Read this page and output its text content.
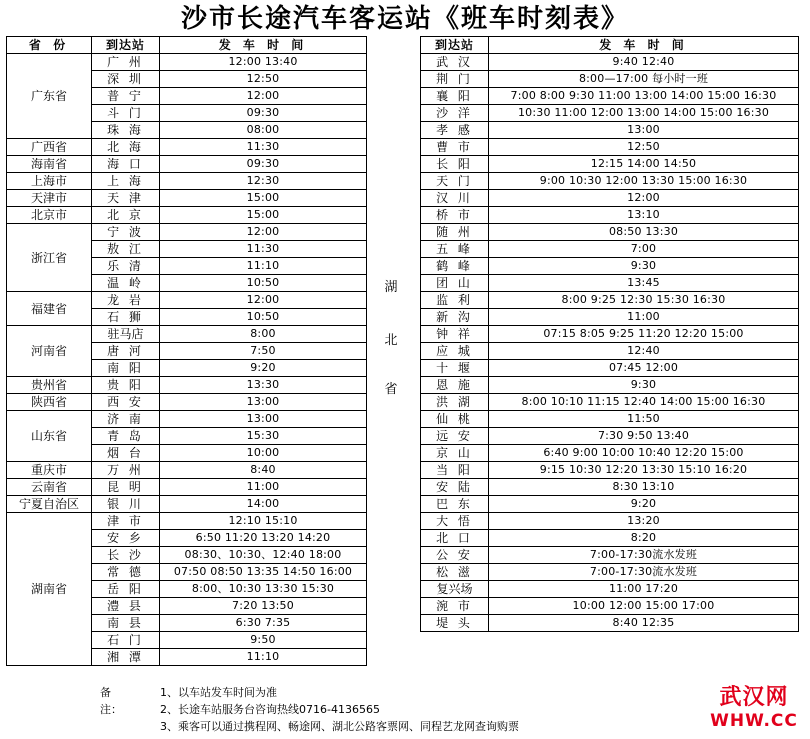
沙市长途汽车客运站《班车时刻表》
省 份	到达站	发 车 时 间
广东省	广 州	12:00 13:40
	深 圳	12:50
	普 宁	12:00
	斗 门	09:30
	珠 海	08:00
广西省	北 海	11:30
海南省	海 口	09:30
上海市	上 海	12:30
天津市	天 津	15:00
北京市	北 京	15:00
浙江省	宁 波	12:00
	敖 江	11:30
	乐 清	11:10
	温 岭	10:50
福建省	龙 岩	12:00
	石 狮	10:50
河南省	驻马店	8:00
	唐 河	7:50
	南 阳	9:20
贵州省	贵 阳	13:30
陕西省	西 安	13:00
山东省	济 南	13:00
	青 岛	15:30
	烟 台	10:00
重庆市	万 州	8:40
云南省	昆 明	11:00
宁夏自治区	银 川	14:00
湖南省	津 市	12:10 15:10
	安 乡	6:50 11:20 13:20 14:20
	长 沙	08:30、10:30、12:40 18:00
	常 德	07:50 08:50 13:35 14:50 16:00
	岳 阳	8:00、10:30 13:30 15:30
	澧 县	7:20 13:50
	南 县	6:30 7:35
	石 门	9:50
	湘 潭	11:10
湖
北
省
到达站	发 车 时 间
武 汉	9:40 12:40
荆 门	8:00—17:00 每小时一班
襄 阳	7:00 8:00 9:30 11:00 13:00 14:00 15:00 16:30
沙 洋	10:30 11:00 12:00 13:00 14:00 15:00 16:30
孝 感	13:00
曹 市	12:50
长 阳	12:15 14:00 14:50
天 门	9:00 10:30 12:00 13:30 15:00 16:30
汉 川	12:00
桥 市	13:10
随 州	08:50 13:30
五 峰	7:00
鹤 峰	9:30
团 山	13:45
监 利	8:00 9:25 12:30 15:30 16:30
新 沟	11:00
钟 祥	07:15 8:05 9:25 11:20 12:20 15:00
应 城	12:40
十 堰	07:45 12:00
恩 施	9:30
洪 湖	8:00 10:10 11:15 12:40 14:00 15:00 16:30
仙 桃	11:50
远 安	7:30 9:50 13:40
京 山	6:40 9:00 10:00 10:40 12:20 15:00
当 阳	9:15 10:30 12:20 13:30 15:10 16:20
安 陆	8:30 13:10
巴 东	9:20
大 悟	13:20
北 口	8:20
公 安	7:00-17:30流水发班
松 滋	7:00-17:30流水发班
复兴场	11:00 17:20
涴 市	10:00 12:00 15:00 17:00
堤 头	8:40 12:35
备注：
1、以车站发车时间为准
2、长途车站服务台咨询热线0716-4136565
3、乘客可以通过携程网、畅途网、湖北公路客票网、同程艺龙网查询购票
武汉网
WHW.CC
